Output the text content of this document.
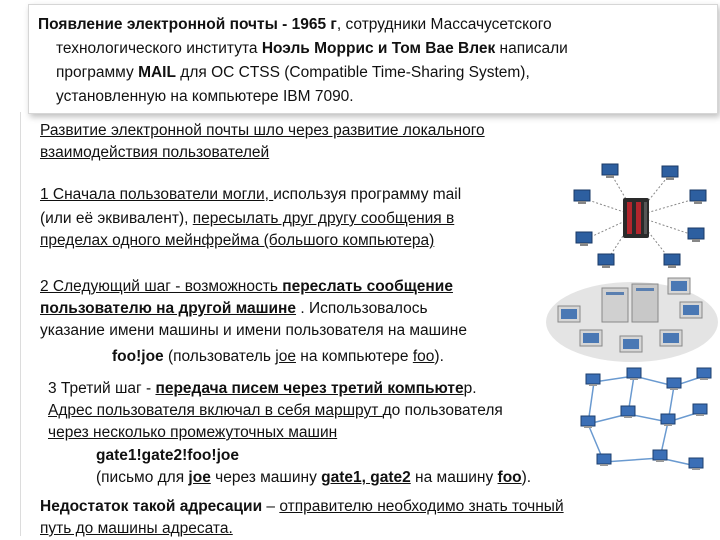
Появление электронной почты - 1965 г, сотрудники Массачусетского
технологического института Ноэль Моррис и Том Вае Влек написали
программу MAIL для ОС CTSS (Compatible Time-Sharing System),
установленную на компьютере IBM 7090.
Развитие электронной почты шло через развитие локального
взаимодействия пользователей
1 Сначала пользователи могли, используя программу mail
(или её эквивалент), пересылать друг другу сообщения в
пределах одного мейнфрейма (большого компьютера)
2 Следующий шаг - возможность переслать сообщение
пользователю на другой машине . Использовалось
указание имени машины и имени пользователя на машине
foo!joe (пользователь joe на компьютере foo).
3 Третий шаг - передача писем через третий компьютер.
Адрес пользователя включал в себя маршрут до пользователя
через несколько промежуточных машин
gate1!gate2!foo!joe
(письмо для joe через машину gate1, gate2 на машину foo).
Недостаток такой адресации – отправителю необходимо знать точный
путь до машины адресата.
